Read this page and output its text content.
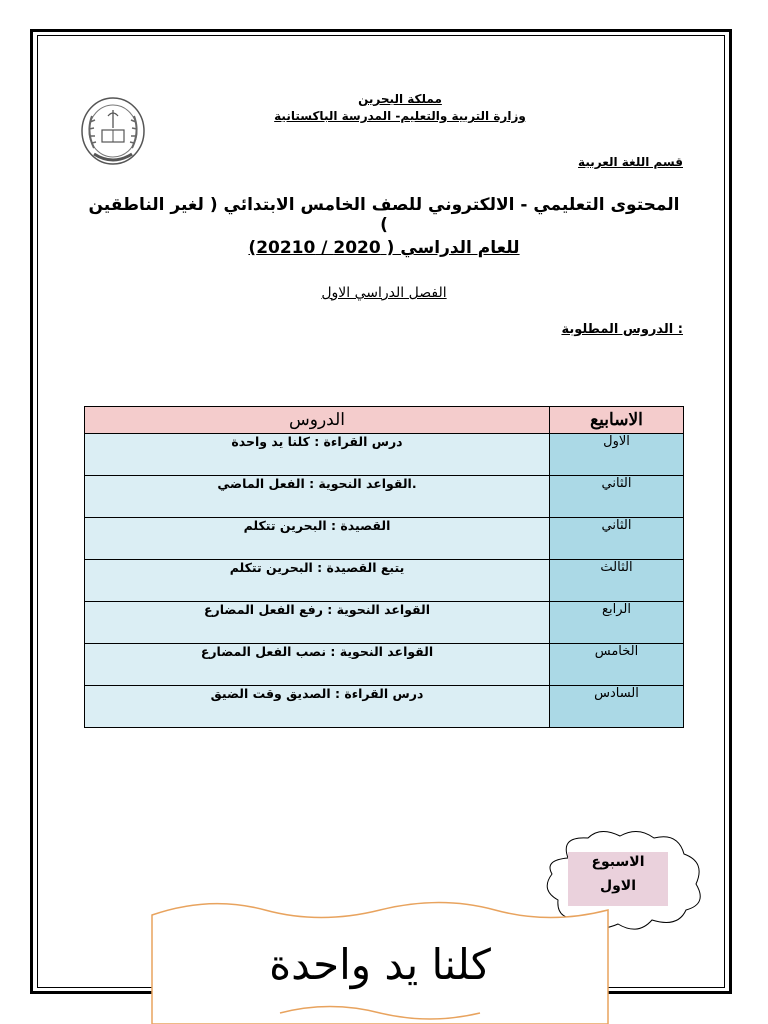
مملكة البحرين
وزارة التربية والتعليم- المدرسة الباكستانية
قسم اللغة العربية
المحتوى التعليمي - الالكتروني للصف الخامس الابتدائي ( لغير الناطقين )
للعام الدراسي ( 2020 / 20210)
الفصل الدراسي الاول
: الدروس المطلوبة
الاسابيع	الدروس
الاول	درس القراءة : كلنا يد واحدة
الثاني	.القواعد النحوية : الفعل الماضي
الثاني	القصيدة : البحرين تتكلم
الثالث	يتبع القصيدة : البحرين تتكلم
الرابع	القواعد النحوية : رفع الفعل المضارع
الخامس	القواعد النحوية : نصب الفعل المضارع
السادس	درس القراءة : الصديق وقت الضيق
الاسبوع
الاول
كلنا يد واحدة
